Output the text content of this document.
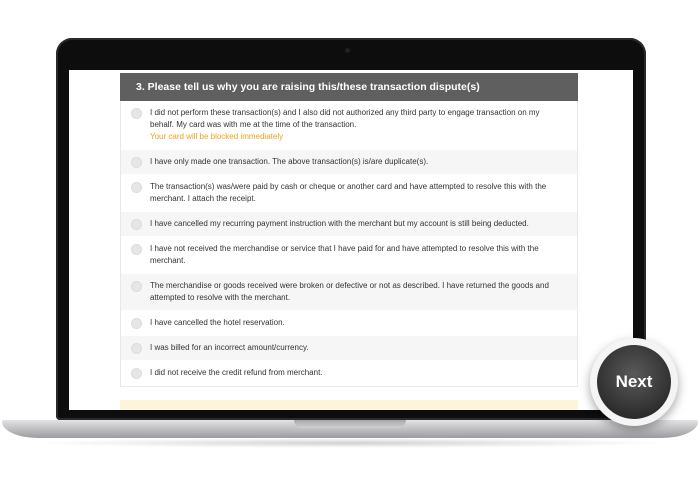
3. Please tell us why you are raising this/these transaction dispute(s)
I did not perform these transaction(s) and I also did not authorized any third party to engage transaction on my behalf. My card was with me at the time of the transaction.
Your card will be blocked immediately
I have only made one transaction. The above transaction(s) is/are duplicate(s).
The transaction(s) was/were paid by cash or cheque or another card and have attempted to resolve this with the merchant. I attach the receipt.
I have cancelled my recurring payment instruction with the merchant but my account is still being deducted.
I have not received the merchandise or service that I have paid for and have attempted to resolve this with the merchant.
The merchandise or goods received were broken or defective or not as described. I have returned the goods and attempted to resolve with the merchant.
I have cancelled the hotel reservation.
I was billed for an incorrect amount/currency.
I did not receive the credit refund from merchant.	Next
